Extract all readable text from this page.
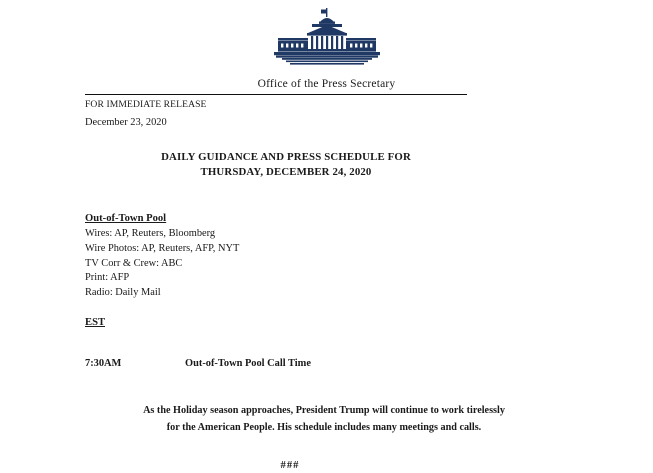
Office of the Press Secretary

FOR IMMEDIATE RELEASE

December 23, 2020

DAILY GUIDANCE AND PRESS SCHEDULE FOR
THURSDAY, DECEMBER 24, 2020

Out-of-Town Pool

Wires: AP, Reuters, Bloomberg
Wire Photos: AP, Reuters, AFP, NYT
TV Corr & Crew: ABC
Print: AFP
Radio: Daily Mail

EST

7:30AM	Out-of-Town Pool Call Time
As the Holiday season approaches, President Trump will continue to work tirelessly
for the American People. His schedule includes many meetings and calls.
###
